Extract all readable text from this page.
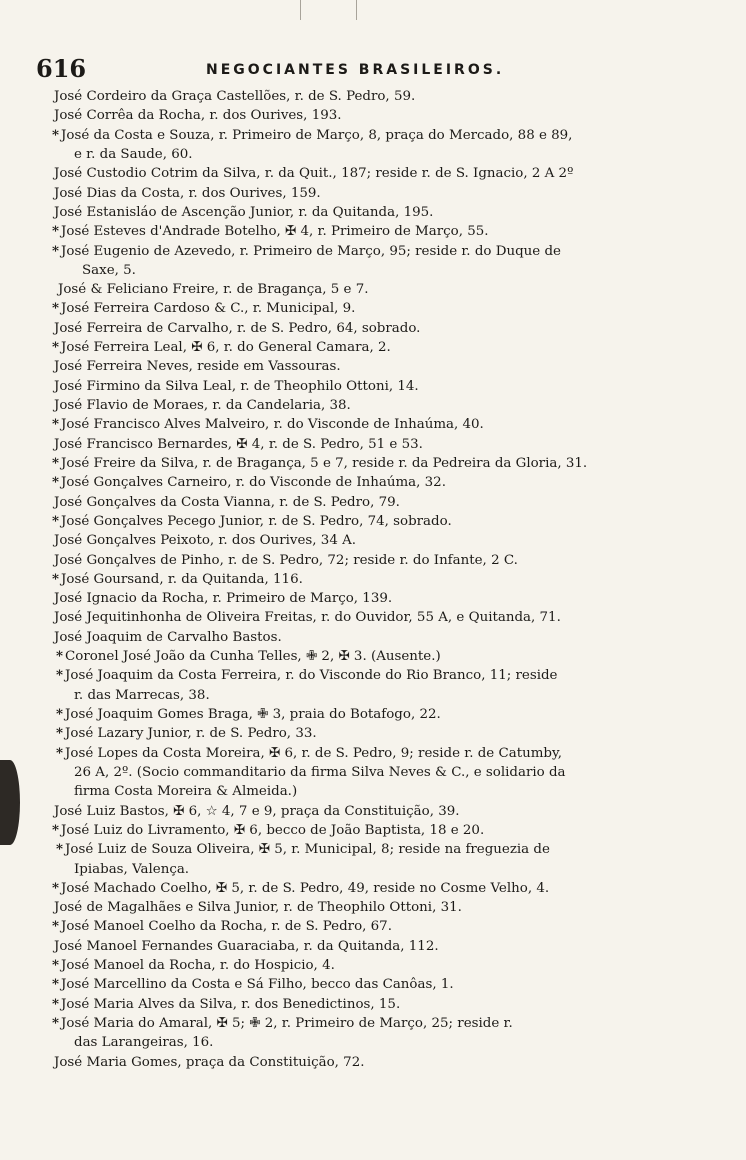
616	NEGOCIANTES BRASILEIROS.
José Cordeiro da Graça Castellões, r. de S. Pedro, 59.
José Corrêa da Rocha, r. dos Ourives, 193.
* José da Costa e Souza, r. Primeiro de Março, 8, praça do Mercado, 88 e 89,
e r. da Saude, 60.
José Custodio Cotrim da Silva, r. da Quit., 187; reside r. de S. Ignacio, 2 A 2º
José Dias da Costa, r. dos Ourives, 159.
José Estanisláo de Ascenção Junior, r. da Quitanda, 195.
* José Esteves d'Andrade Botelho, ✠ 4, r. Primeiro de Março, 55.
* José Eugenio de Azevedo, r. Primeiro de Março, 95; reside r. do Duque de
Saxe, 5.
José & Feliciano Freire, r. de Bragança, 5 e 7.
* José Ferreira Cardoso & C., r. Municipal, 9.
José Ferreira de Carvalho, r. de S. Pedro, 64, sobrado.
* José Ferreira Leal, ✠ 6, r. do General Camara, 2.
José Ferreira Neves, reside em Vassouras.
José Firmino da Silva Leal, r. de Theophilo Ottoni, 14.
José Flavio de Moraes, r. da Candelaria, 38.
* José Francisco Alves Malveiro, r. do Visconde de Inhaúma, 40.
José Francisco Bernardes, ✠ 4, r. de S. Pedro, 51 e 53.
* José Freire da Silva, r. de Bragança, 5 e 7, reside r. da Pedreira da Gloria, 31.
* José Gonçalves Carneiro, r. do Visconde de Inhaúma, 32.
José Gonçalves da Costa Vianna, r. de S. Pedro, 79.
* José Gonçalves Pecego Junior, r. de S. Pedro, 74, sobrado.
José Gonçalves Peixoto, r. dos Ourives, 34 A.
José Gonçalves de Pinho, r. de S. Pedro, 72; reside r. do Infante, 2 C.
* José Goursand, r. da Quitanda, 116.
José Ignacio da Rocha, r. Primeiro de Março, 139.
José Jequitinhonha de Oliveira Freitas, r. do Ouvidor, 55 A, e Quitanda, 71.
José Joaquim de Carvalho Bastos.
* Coronel José João da Cunha Telles, ✙ 2, ✠ 3. (Ausente.)
* José Joaquim da Costa Ferreira, r. do Visconde do Rio Branco, 11; reside
r. das Marrecas, 38.
* José Joaquim Gomes Braga, ✙ 3, praia do Botafogo, 22.
* José Lazary Junior, r. de S. Pedro, 33.
* José Lopes da Costa Moreira, ✠ 6, r. de S. Pedro, 9; reside r. de Catumby,
26 A, 2º. (Socio commanditario da firma Silva Neves & C., e solidario da
firma Costa Moreira & Almeida.)
José Luiz Bastos, ✠ 6, ☆ 4, 7 e 9, praça da Constituição, 39.
* José Luiz do Livramento, ✠ 6, becco de João Baptista, 18 e 20.
* José Luiz de Souza Oliveira, ✠ 5, r. Municipal, 8; reside na freguezia de
Ipiabas, Valença.
* José Machado Coelho, ✠ 5, r. de S. Pedro, 49, reside no Cosme Velho, 4.
José de Magalhães e Silva Junior, r. de Theophilo Ottoni, 31.
* José Manoel Coelho da Rocha, r. de S. Pedro, 67.
José Manoel Fernandes Guaraciaba, r. da Quitanda, 112.
* José Manoel da Rocha, r. do Hospicio, 4.
* José Marcellino da Costa e Sá Filho, becco das Canôas, 1.
* José Maria Alves da Silva, r. dos Benedictinos, 15.
* José Maria do Amaral, ✠ 5; ✙ 2, r. Primeiro de Março, 25; reside r.
das Larangeiras, 16.
José Maria Gomes, praça da Constituição, 72.
